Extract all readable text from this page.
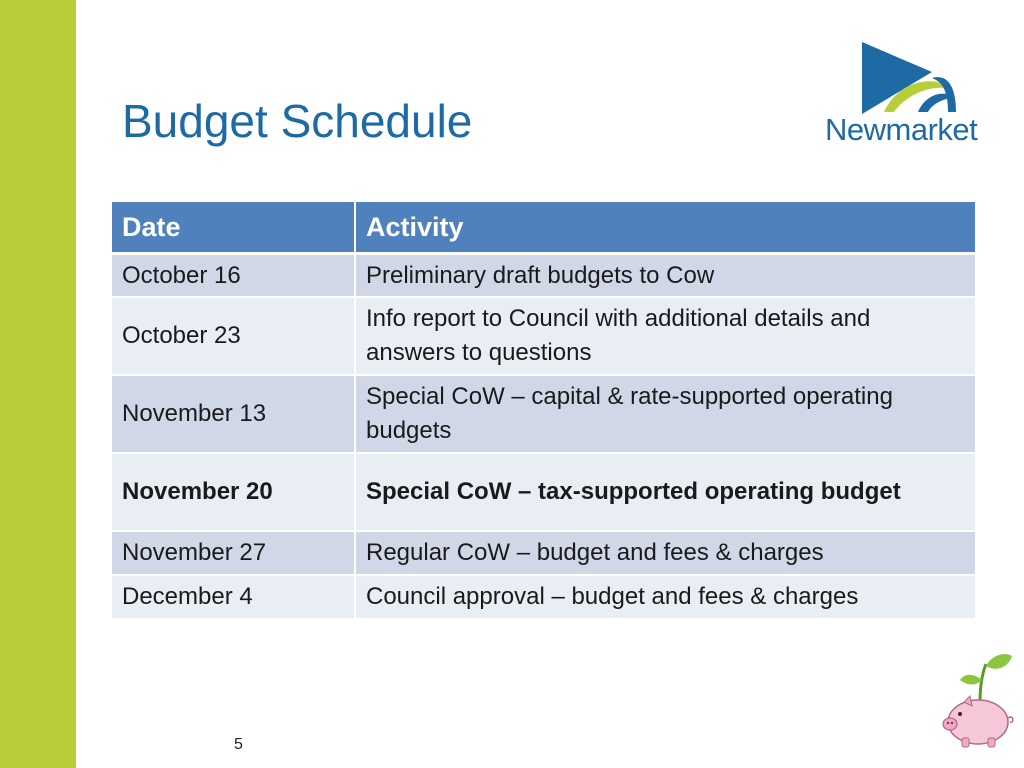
Budget Schedule	Newmarket
Date	Activity
October 16	Preliminary draft budgets to Cow
October 23	Info report to Council with additional details and answers to questions
November 13	Special CoW – capital & rate-supported operating budgets
November 20	Special CoW – tax-supported operating budget
November 27	Regular CoW – budget and fees & charges
December 4	Council approval – budget and fees & charges
5
